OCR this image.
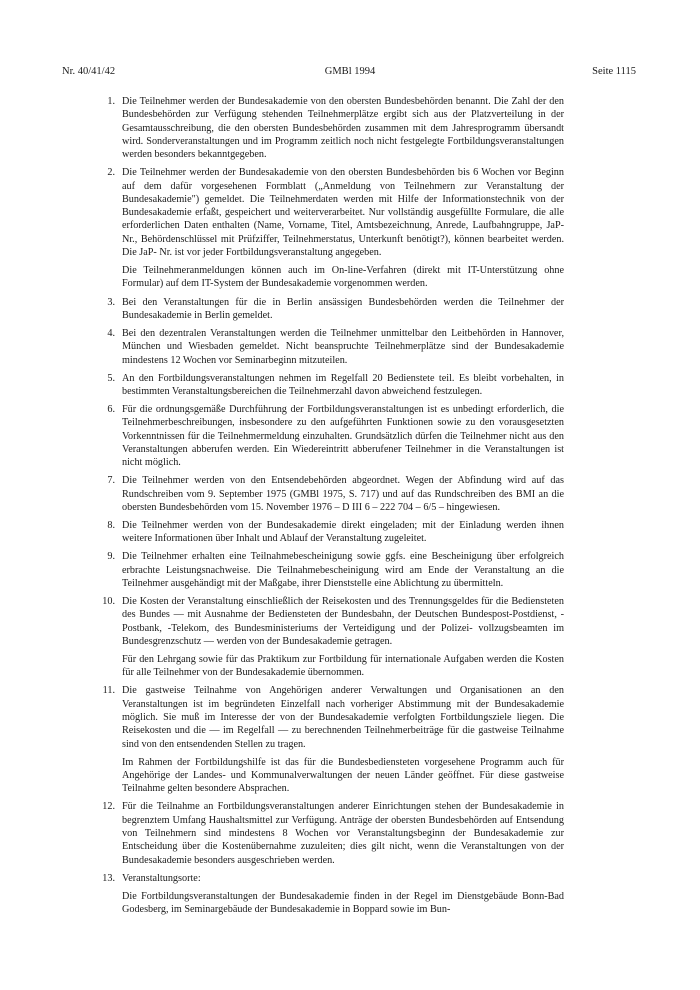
Nr. 40/41/42	GMBl 1994	Seite 1115
1. Die Teilnehmer werden der Bundesakademie von den obersten Bundesbehörden benannt. Die Zahl der den Bundesbehörden zur Verfügung stehenden Teilnehmerplätze ergibt sich aus der Platzverteilung in der Gesamtausschreibung, die den obersten Bundesbehörden zusammen mit dem Jahresprogramm übersandt wird. Sonderveranstaltungen und im Programm zeitlich noch nicht festgelegte Fortbildungsveranstaltungen werden besonders bekanntgegeben.

2. Die Teilnehmer werden der Bundesakademie von den obersten Bundesbehörden bis 6 Wochen vor Beginn auf dem dafür vorgesehenen Formblatt („Anmeldung von Teilnehmern zur Veranstaltung der Bundesakademie") gemeldet. Die Teilnehmerdaten werden mit Hilfe der Informationstechnik von der Bundesakademie erfaßt, gespeichert und weiterverarbeitet. Nur vollständig ausgefüllte Formulare, die alle erforderlichen Daten enthalten (Name, Vorname, Titel, Amtsbezeichnung, Anrede, Laufbahngruppe, JaP-Nr., Behördenschlüssel mit Prüfziffer, Teilnehmerstatus, Unterkunft benötigt?), können bearbeitet werden. Die JaP- Nr. ist vor jeder Fortbildungsveranstaltung angegeben.

Die Teilnehmeranmeldungen können auch im On-line-Verfahren (direkt mit IT-Unterstützung ohne Formular) auf dem IT-System der Bundesakademie vorgenommen werden.

3. Bei den Veranstaltungen für die in Berlin ansässigen Bundesbehörden werden die Teilnehmer der Bundesakademie in Berlin gemeldet.

4. Bei den dezentralen Veranstaltungen werden die Teilnehmer unmittelbar den Leitbehörden in Hannover, München und Wiesbaden gemeldet. Nicht beanspruchte Teilnehmerplätze sind der Bundesakademie mindestens 12 Wochen vor Seminarbeginn mitzuteilen.

5. An den Fortbildungsveranstaltungen nehmen im Regelfall 20 Bedienstete teil. Es bleibt vorbehalten, in bestimmten Veranstaltungsbereichen die Teilnehmerzahl davon abweichend festzulegen.

6. Für die ordnungsgemäße Durchführung der Fortbildungsveranstaltungen ist es unbedingt erforderlich, die Teilnehmerbeschreibungen, insbesondere zu den aufgeführten Funktionen sowie zu den vorausgesetzten Vorkenntnissen für die Teilnehmermeldung einzuhalten. Grundsätzlich dürfen die Teilnehmer nicht aus den Veranstaltungen abberufen werden. Ein Wiedereintritt abberufener Teilnehmer in die Veranstaltungen ist nicht möglich.

7. Die Teilnehmer werden von den Entsendebehörden abgeordnet. Wegen der Abfindung wird auf das Rundschreiben vom 9. September 1975 (GMBl 1975, S. 717) und auf das Rundschreiben des BMI an die obersten Bundesbehörden vom 15. November 1976 – D III 6 – 222 704 – 6/5 – hingewiesen.

8. Die Teilnehmer werden von der Bundesakademie direkt eingeladen; mit der Einladung werden ihnen weitere Informationen über Inhalt und Ablauf der Veranstaltung zugeleitet.

9. Die Teilnehmer erhalten eine Teilnahmebescheinigung sowie ggfs. eine Bescheinigung über erfolgreich erbrachte Leistungsnachweise. Die Teilnahmebescheinigung wird am Ende der Veranstaltung an die Teilnehmer ausgehändigt mit der Maßgabe, ihrer Dienststelle eine Ablichtung zu übermitteln.

10. Die Kosten der Veranstaltung einschließlich der Reisekosten und des Trennungsgeldes für die Bediensteten des Bundes — mit Ausnahme der Bediensteten der Bundesbahn, der Deutschen Bundespost-Postdienst, -Postbank, -Telekom, des Bundesministeriums der Verteidigung und der Polizei- vollzugsbeamten im Bundesgrenzschutz — werden von der Bundesakademie getragen.

Für den Lehrgang sowie für das Praktikum zur Fortbildung für internationale Aufgaben werden die Kosten für alle Teilnehmer von der Bundesakademie übernommen.

11. Die gastweise Teilnahme von Angehörigen anderer Verwaltungen und Organisationen an den Veranstaltungen ist im begründeten Einzelfall nach vorheriger Abstimmung mit der Bundesakademie möglich. Sie muß im Interesse der von der Bundesakademie verfolgten Fortbildungsziele liegen. Die Reisekosten und die — im Regelfall — zu berechnenden Teilnehmerbeiträge für die gastweise Teilnahme sind von den entsendenden Stellen zu tragen.

Im Rahmen der Fortbildungshilfe ist das für die Bundesbediensteten vorgesehene Programm auch für Angehörige der Landes- und Kommunalverwaltungen der neuen Länder geöffnet. Für diese gastweise Teilnahme gelten besondere Absprachen.

12. Für die Teilnahme an Fortbildungsveranstaltungen anderer Einrichtungen stehen der Bundesakademie in begrenztem Umfang Haushaltsmittel zur Verfügung. Anträge der obersten Bundesbehörden auf Entsendung von Teilnehmern sind mindestens 8 Wochen vor Veranstaltungsbeginn der Bundesakademie zur Entscheidung über die Kostenübernahme zuzuleiten; dies gilt nicht, wenn die Veranstaltungen von der Bundesakademie besonders ausgeschrieben werden.

13. Veranstaltungsorte:

Die Fortbildungsveranstaltungen der Bundesakademie finden in der Regel im Dienstgebäude Bonn-Bad Godesberg, im Seminargebäude der Bundesakademie in Boppard sowie im Bun-
